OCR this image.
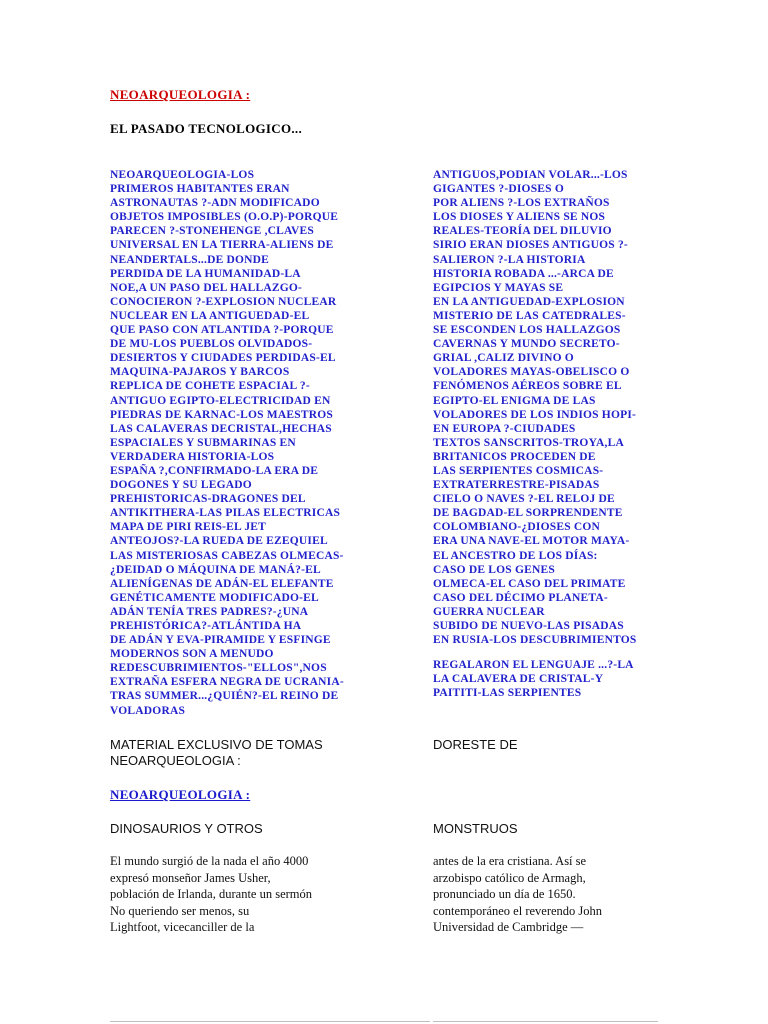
NEOARQUEOLOGIA :
EL PASADO TECNOLOGICO...
NEOARQUEOLOGIA-LOS
PRIMEROS HABITANTES ERAN
ASTRONAUTAS ?-ADN MODIFICADO
OBJETOS IMPOSIBLES (O.O.P)-PORQUE
PARECEN ?-STONEHENGE ,CLAVES
UNIVERSAL EN LA TIERRA-ALIENS DE
NEANDERTALS...DE DONDE
PERDIDA DE LA HUMANIDAD-LA
NOE,A UN PASO DEL HALLAZGO-
CONOCIERON ?-EXPLOSION NUCLEAR
NUCLEAR EN LA ANTIGUEDAD-EL
QUE PASO CON ATLANTIDA ?-PORQUE
DE MU-LOS PUEBLOS OLVIDADOS-
DESIERTOS Y CIUDADES PERDIDAS-EL
MAQUINA-PAJAROS Y BARCOS
REPLICA DE COHETE ESPACIAL ?-
ANTIGUO EGIPTO-ELECTRICIDAD EN
PIEDRAS DE KARNAC-LOS MAESTROS
LAS CALAVERAS DECRISTAL,HECHAS
ESPACIALES Y SUBMARINAS EN
VERDADERA HISTORIA-LOS
ESPAÑA ?,CONFIRMADO-LA ERA DE
DOGONES Y SU LEGADO
PREHISTORICAS-DRAGONES DEL
ANTIKITHERA-LAS PILAS ELECTRICAS
MAPA DE PIRI REIS-EL JET
ANTEOJOS?-LA RUEDA DE EZEQUIEL
LAS MISTERIOSAS CABEZAS OLMECAS-
¿DEIDAD O MÁQUINA DE MANÁ?-EL
ALIENÍGENAS DE ADÁN-EL ELEFANTE
GENÉTICAMENTE MODIFICADO-EL
ADÁN TENÍA TRES PADRES?-¿UNA
PREHISTÓRICA?-ATLÁNTIDA HA
DE ADÁN Y EVA-PIRAMIDE Y ESFINGE
MODERNOS SON A MENUDO
REDESCUBRIMIENTOS-"ELLOS",NOS
EXTRAÑA ESFERA NEGRA DE UCRANIA-
TRAS SUMMER...¿QUIÉN?-EL REINO DE
VOLADORAS
ANTIGUOS,PODIAN VOLAR...-LOS
GIGANTES ?-DIOSES O
POR ALIENS ?-LOS EXTRAÑOS
LOS DIOSES Y ALIENS SE NOS
REALES-TEORÍA DEL DILUVIO
SIRIO ERAN DIOSES ANTIGUOS ?-
SALIERON ?-LA HISTORIA
HISTORIA ROBADA ...-ARCA DE
EGIPCIOS Y MAYAS SE
EN LA ANTIGUEDAD-EXPLOSION
MISTERIO DE LAS CATEDRALES-
SE ESCONDEN LOS HALLAZGOS
CAVERNAS Y MUNDO SECRETO-
GRIAL ,CALIZ DIVINO O
VOLADORES MAYAS-OBELISCO O
FENÓMENOS AÉREOS SOBRE EL
EGIPTO-EL ENIGMA DE LAS
VOLADORES DE LOS INDIOS HOPI-
EN EUROPA ?-CIUDADES
TEXTOS SANSCRITOS-TROYA,LA
BRITANICOS PROCEDEN DE
LAS SERPIENTES COSMICAS-
EXTRATERRESTRE-PISADAS
CIELO O NAVES ?-EL RELOJ DE
DE BAGDAD-EL SORPRENDENTE
COLOMBIANO-¿DIOSES CON
ERA UNA NAVE-EL MOTOR MAYA-
EL ANCESTRO DE LOS DÍAS:
CASO DE LOS GENES
OLMECA-EL CASO DEL PRIMATE
CASO DEL DÉCIMO PLANETA-
GUERRA NUCLEAR
SUBIDO DE NUEVO-LAS PISADAS
EN RUSIA-LOS DESCUBRIMIENTOS
REGALARON EL LENGUAJE ...?-LA
LA CALAVERA DE CRISTAL-Y
PAITITI-LAS SERPIENTES
MATERIAL EXCLUSIVO DE TOMAS
NEOARQUEOLOGIA :
DORESTE DE
NEOARQUEOLOGIA :
DINOSAURIOS Y OTROS	MONSTRUOS
El mundo surgió de la nada el año 4000
expresó monseñor James Usher,
población de Irlanda, durante un sermón
No queriendo ser menos, su
Lightfoot, vicecanciller de la
antes de la era cristiana. Así se
arzobispo católico de Armagh,
pronunciado un día de 1650.
contemporáneo el reverendo John
Universidad de Cambridge —
